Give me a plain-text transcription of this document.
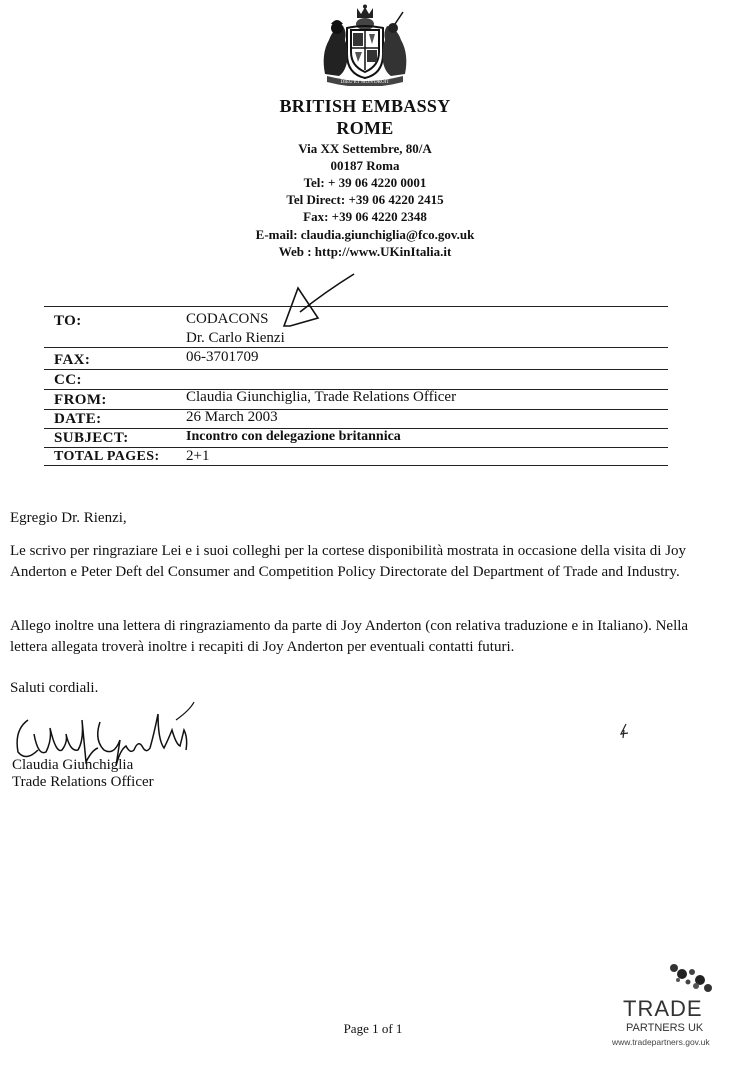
DIEU ET MON DROIT
BRITISH EMBASSY
ROME
Via XX Settembre, 80/A
00187 Roma
Tel: + 39 06 4220 0001
Tel Direct: +39 06 4220 2415
Fax: +39 06 4220 2348
E-mail: claudia.giunchiglia@fco.gov.uk
Web : http://www.UKinItalia.it
TO:	CODACONS
Dr. Carlo Rienzi
FAX:	06-3701709
CC:
FROM:	Claudia Giunchiglia, Trade Relations Officer
DATE:	26 March 2003
SUBJECT:	Incontro con delegazione britannica
TOTAL PAGES: 2+1
Egregio Dr. Rienzi,
Le scrivo per ringraziare Lei e i suoi colleghi per la cortese disponibilità mostrata in occasione della visita di Joy Anderton e Peter Deft del Consumer and Competition Policy Directorate del Department of Trade and Industry.
Allego inoltre una lettera di ringraziamento da parte di Joy Anderton (con relativa traduzione e in Italiano). Nella lettera allegata troverà inoltre i recapiti di Joy Anderton per eventuali contatti futuri.
Saluti cordiali.
Claudia Giunchiglia
Trade Relations Officer
Page 1 of 1
TRADE
PARTNERS UK
www.tradepartners.gov.uk
